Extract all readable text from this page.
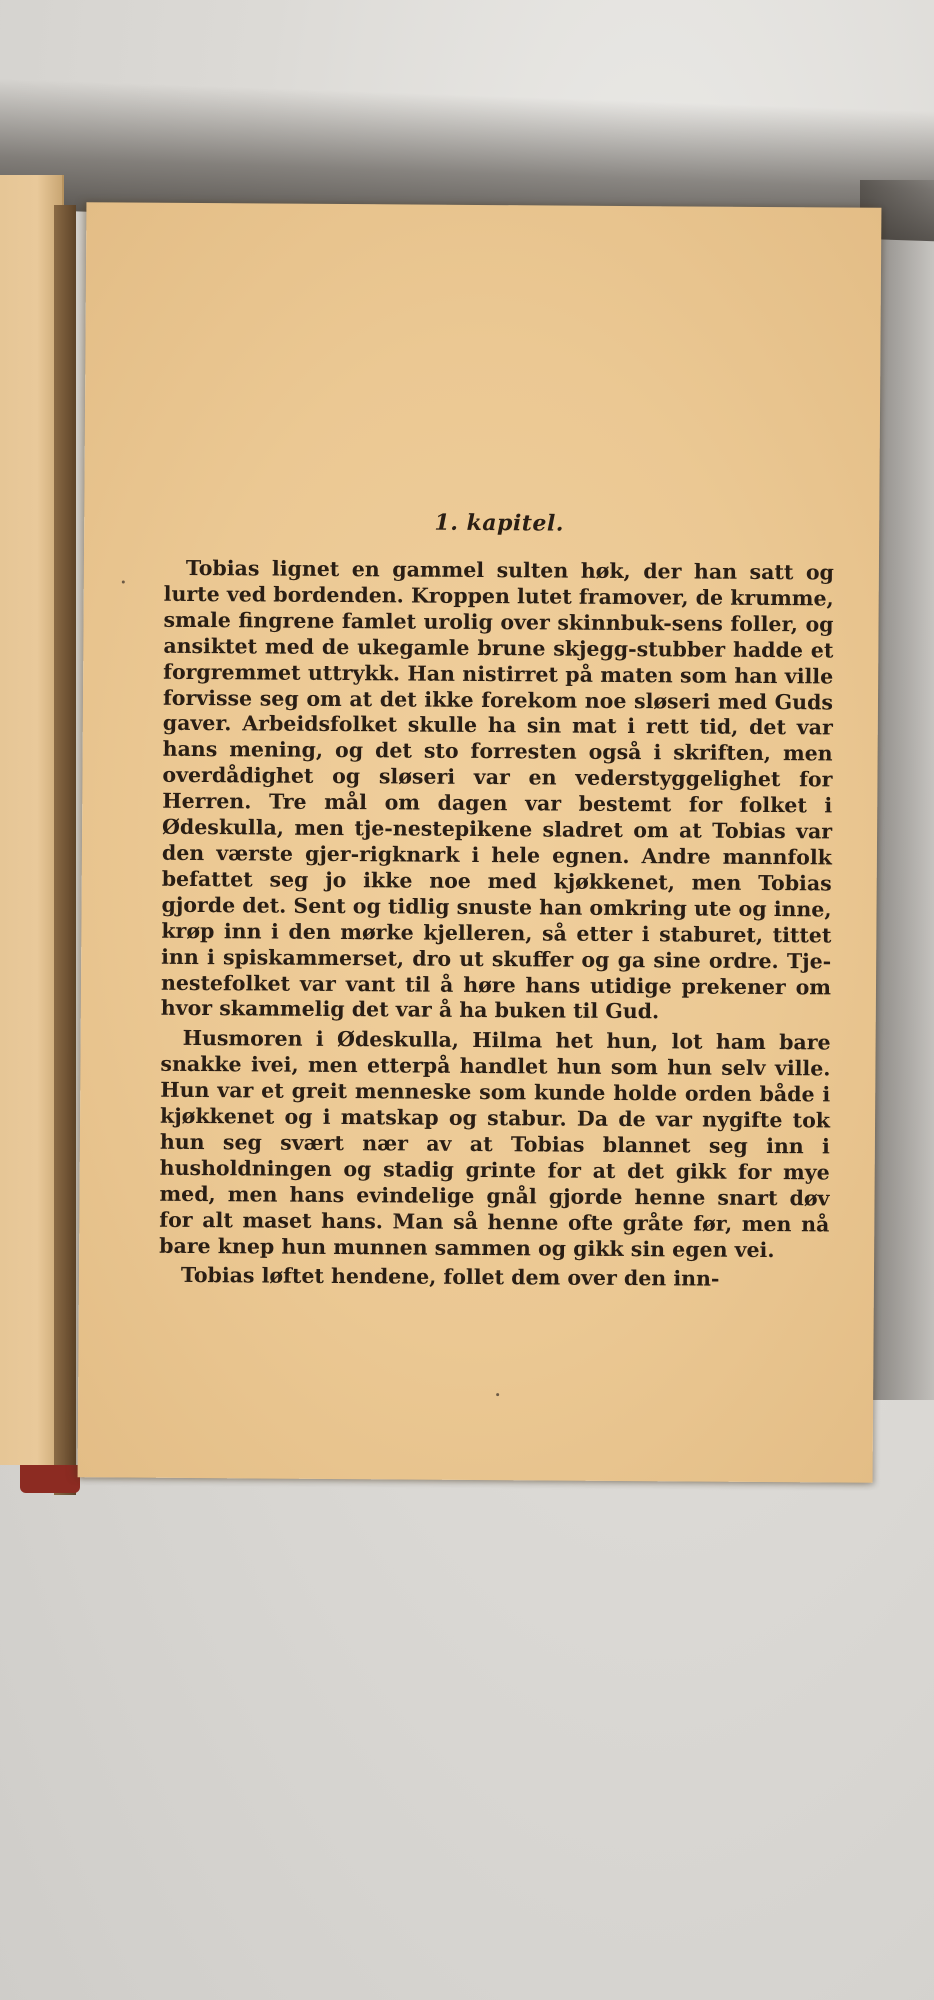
1. kapitel.

Tobias lignet en gammel sulten høk, der han satt og lurte ved bordenden. Kroppen lutet framover, de krumme, smale fingrene famlet urolig over skinnbuk-sens foller, og ansiktet med de ukegamle brune skjegg-stubber hadde et forgremmet uttrykk. Han nistirret på maten som han ville forvisse seg om at det ikke forekom noe sløseri med Guds gaver. Arbeidsfolket skulle ha sin mat i rett tid, det var hans mening, og det sto forresten også i skriften, men overdådighet og sløseri var en vederstyggelighet for Herren. Tre mål om dagen var bestemt for folket i Ødeskulla, men tje-nestepikene sladret om at Tobias var den værste gjer-rigknark i hele egnen. Andre mannfolk befattet seg jo ikke noe med kjøkkenet, men Tobias gjorde det. Sent og tidlig snuste han omkring ute og inne, krøp inn i den mørke kjelleren, så etter i staburet, tittet inn i spiskammerset, dro ut skuffer og ga sine ordre. Tje-nestefolket var vant til å høre hans utidige prekener om hvor skammelig det var å ha buken til Gud.

Husmoren i Ødeskulla, Hilma het hun, lot ham bare snakke ivei, men etterpå handlet hun som hun selv ville. Hun var et greit menneske som kunde holde orden både i kjøkkenet og i matskap og stabur. Da de var nygifte tok hun seg svært nær av at Tobias blannet seg inn i husholdningen og stadig grinte for at det gikk for mye med, men hans evindelige gnål gjorde henne snart døv for alt maset hans. Man så henne ofte gråte før, men nå bare knep hun munnen sammen og gikk sin egen vei.

Tobias løftet hendene, follet dem over den inn-
